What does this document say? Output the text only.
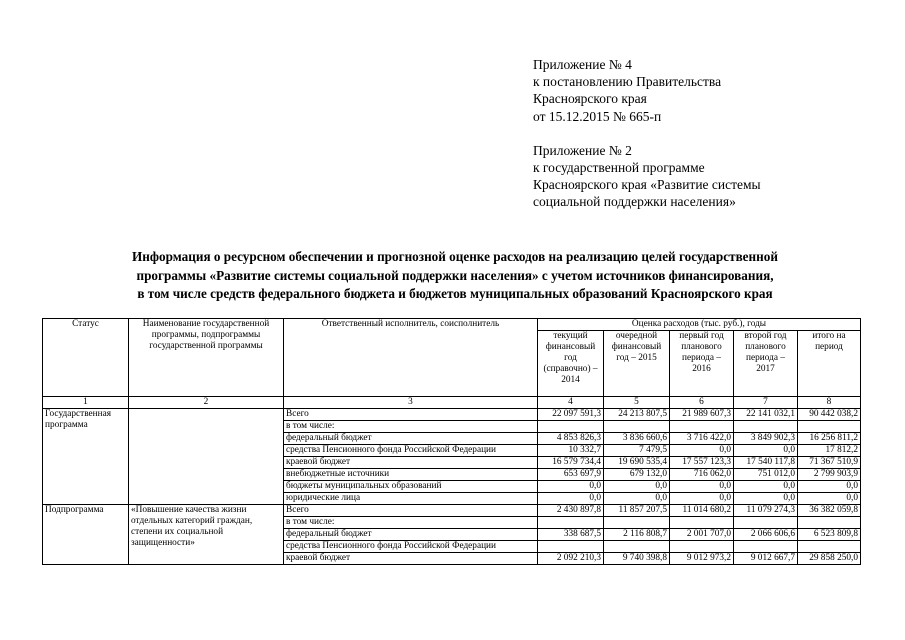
Приложение № 4
к постановлению Правительства
Красноярского края
от 15.12.2015 № 665-п
Приложение № 2
к государственной программе
Красноярского края «Развитие системы
социальной поддержки населения»
Информация о ресурсном обеспечении и прогнозной оценке расходов на реализацию целей государственной
программы «Развитие системы социальной поддержки населения» с учетом источников финансирования,
в том числе средств федерального бюджета и бюджетов муниципальных образований Красноярского края
Статус	Наименование государственной программы, подпрограммы государственной программы	Ответственный исполнитель, соисполнитель	Оценка расходов (тыс. руб.), годы				
			текущий финансовый год (справочно) – 2014	очередной финансовый год – 2015	первый год планового периода – 2016	второй год планового периода – 2017	итого на период
1	2	3	4	5	6	7	8
Государственная программа		Всего	22 097 591,3	24 213 807,5	21 989 607,3	22 141 032,1	90 442 038,2
		в том числе:					
		федеральный бюджет	4 853 826,3	3 836 660,6	3 716 422,0	3 849 902,3	16 256 811,2
		средства Пенсионного фонда Российской Федерации	10 332,7	7 479,5	0,0	0,0	17 812,2
		краевой бюджет	16 579 734,4	19 690 535,4	17 557 123,3	17 540 117,8	71 367 510,9
		внебюджетные источники	653 697,9	679 132,0	716 062,0	751 012,0	2 799 903,9
		бюджеты муниципальных образований	0,0	0,0	0,0	0,0	0,0
		юридические лица	0,0	0,0	0,0	0,0	0,0
Подпрограмма	«Повышение качества жизни отдельных категорий граждан, степени их социальной защищенности»	Всего	2 430 897,8	11 857 207,5	11 014 680,2	11 079 274,3	36 382 059,8
		в том числе:					
		федеральный бюджет	338 687,5	2 116 808,7	2 001 707,0	2 066 606,6	6 523 809,8
		средства Пенсионного фонда Российской Федерации					
		краевой бюджет	2 092 210,3	9 740 398,8	9 012 973,2	9 012 667,7	29 858 250,0
